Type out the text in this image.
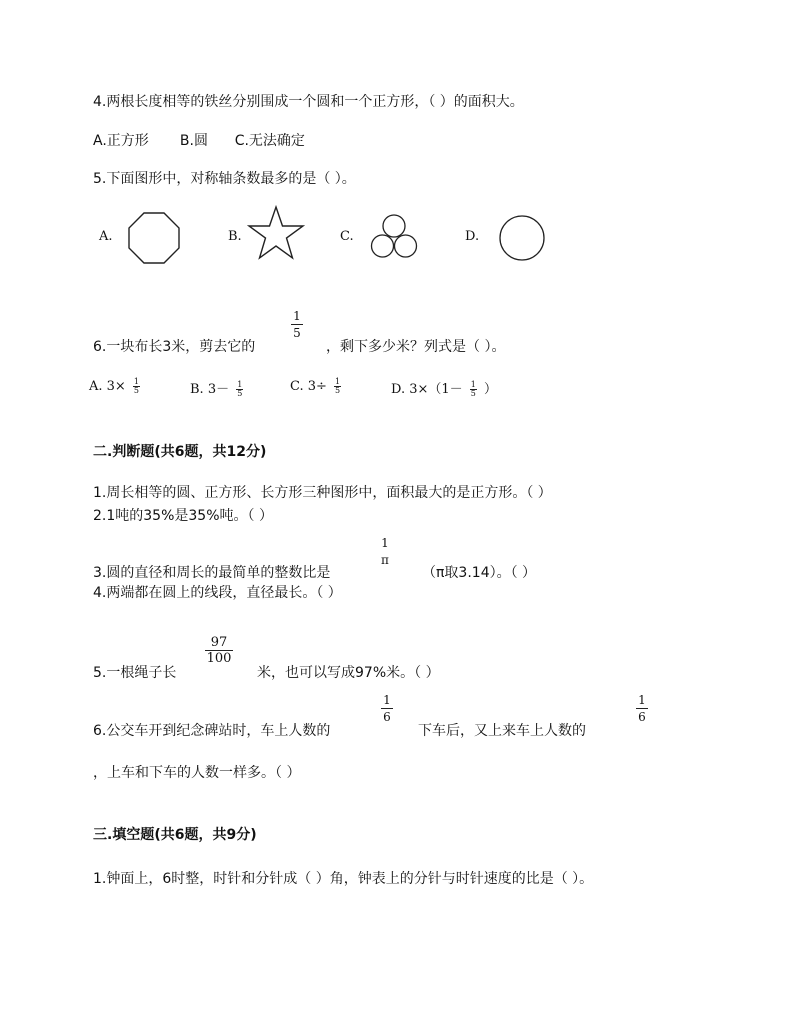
4.两根长度相等的铁丝分别围成一个圆和一个正方形，（ ）的面积大。
A.正方形       B.圆      C.无法确定
5.下面图形中，对称轴条数最多的是（ ）。
A.	B.	C.	D.
6.一块布长3米，剪去它的
1
5
，剩下多少米？列式是（ ）。
A. $3\times \frac{1}{5}$	B. $3- \frac{1}{5}$	C. $3\div \frac{1}{5}$	D. $3\times(1- \frac{1}{5}$ ）
二.判断题(共6题，共12分)
1.周长相等的圆、正方形、长方形三种图形中，面积最大的是正方形。（ ）
2.1吨的35%是35%吨。（ ）
3.圆的直径和周长的最简单的整数比是
1
π
（π取3.14）。（ ）
4.两端都在圆上的线段，直径最长。（ ）
5.一根绳子长
97
100
米，也可以写成97%米。（ ）
6.公交车开到纪念碑站时，车上人数的
1
6
下车后，又上来车上人数的
1
6
，上车和下车的人数一样多。（ ）
三.填空题(共6题，共9分)
1.钟面上，6时整，时针和分针成（ ）角，钟表上的分针与时针速度的比是（ ）。
